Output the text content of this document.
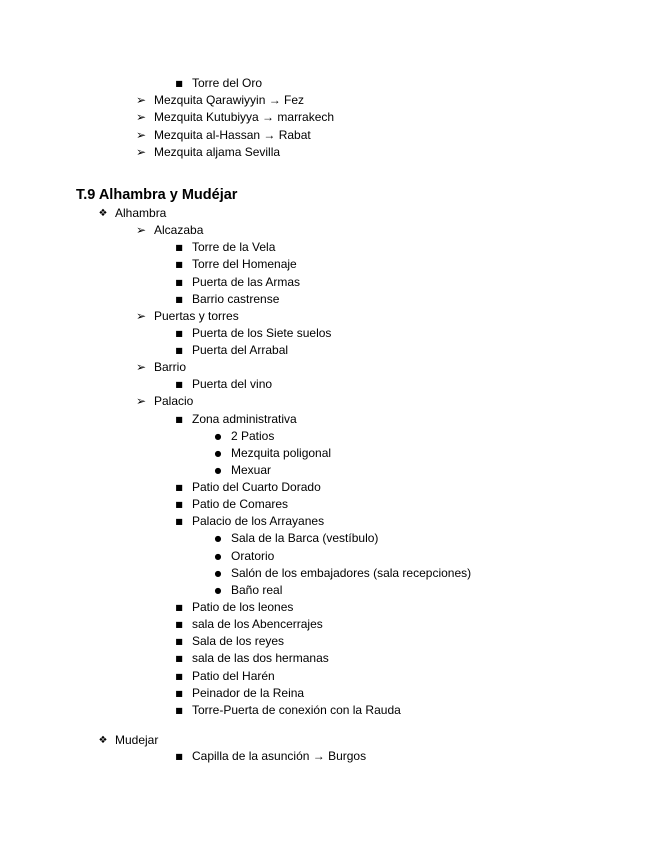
■ Torre del Oro
➢ Mezquita Qarawiyyin → Fez
➢ Mezquita Kutubiyya → marrakech
➢ Mezquita al-Hassan → Rabat
➢ Mezquita aljama Sevilla
T.9 Alhambra y Mudéjar
❖ Alhambra
➢ Alcazaba
■ Torre de la Vela
■ Torre del Homenaje
■ Puerta de las Armas
■ Barrio castrense
➢ Puertas y torres
■ Puerta de los Siete suelos
■ Puerta del Arrabal
➢ Barrio
■ Puerta del vino
➢ Palacio
■ Zona administrativa
● 2 Patios
● Mezquita poligonal
● Mexuar
■ Patio del Cuarto Dorado
■ Patio de Comares
■ Palacio de los Arrayanes
● Sala de la Barca (vestíbulo)
● Oratorio
● Salón de los embajadores (sala recepciones)
● Baño real
■ Patio de los leones
■ sala de los Abencerrajes
■ Sala de los reyes
■ sala de las dos hermanas
■ Patio del Harén
■ Peinador de la Reina
■ Torre-Puerta de conexión con la Rauda
❖ Mudejar
■ Capilla de la asunción → Burgos
